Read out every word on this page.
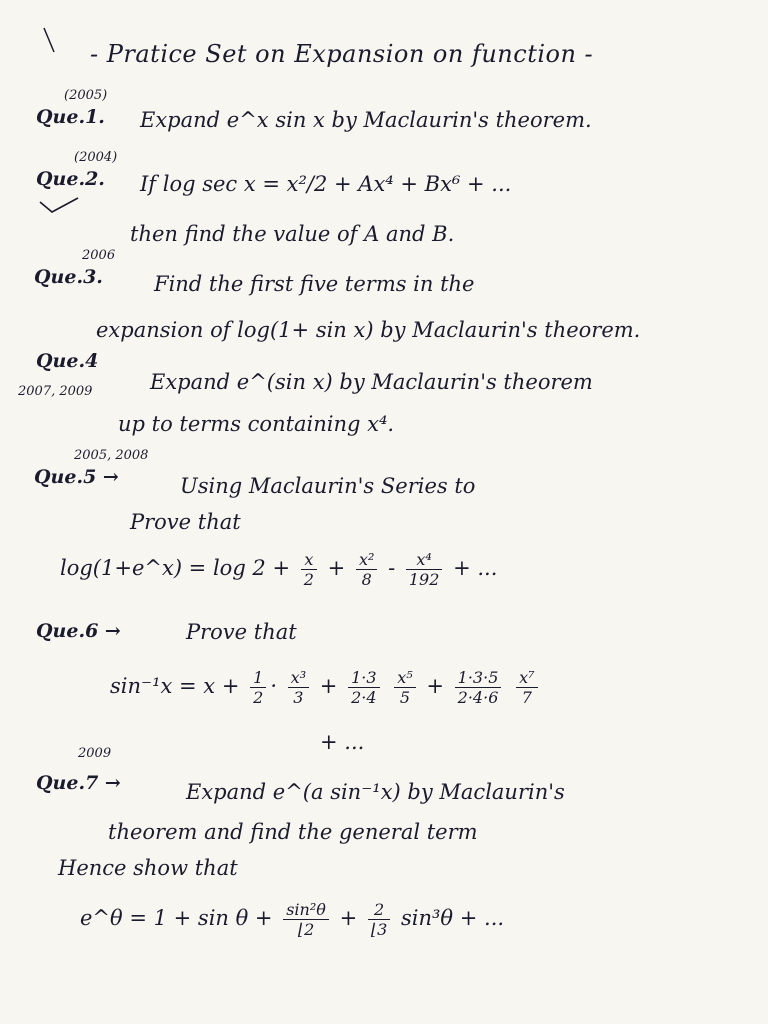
- Pratice Set on Expansion on function -
(2005)
Que.1. Expand e^x sin x by Maclaurin's theorem.
(2004)
Que.2. If log sec x = x²/2 + Ax⁴ + Bx⁶ + ...
then find the value of A and B.
2006
Que.3. Find the first five terms in the
expansion of log(1+ sin x) by Maclaurin's theorem.
Que.4
2007, 2009	Expand e^(sin x) by Maclaurin's theorem
up to terms containing x⁴.
2005, 2008
Que.5 →	Using Maclaurin's Series to
Prove that
log(1+e^x) = $\log 2 + \frac{x}{2} + \frac{\text{x²}}{8} - \frac{\text{x⁴}}{192}$ + ...
Que.6 →	Prove that
$\sin^{-1}x = x + \frac{1}{2} \cdot \frac{\text{x³}}{3} + \frac{1\cdot 3}{2\cdot 4}$
$\frac{\text{x⁵}}{5} + \frac{1\cdot 3\cdot 5}{2\cdot 4\cdot 6}$
$\frac{\text{x⁷}}{7}$
+ ...
2009
Que.7 →	Expand e^(a sin⁻¹x) by Maclaurin's
theorem and find the general term
Hence show that
e^θ = $1 + \sin \theta + \frac{\text{sin²θ}}{⌊2} + \frac{2}{⌊3} \sin^3\theta$ + ...
